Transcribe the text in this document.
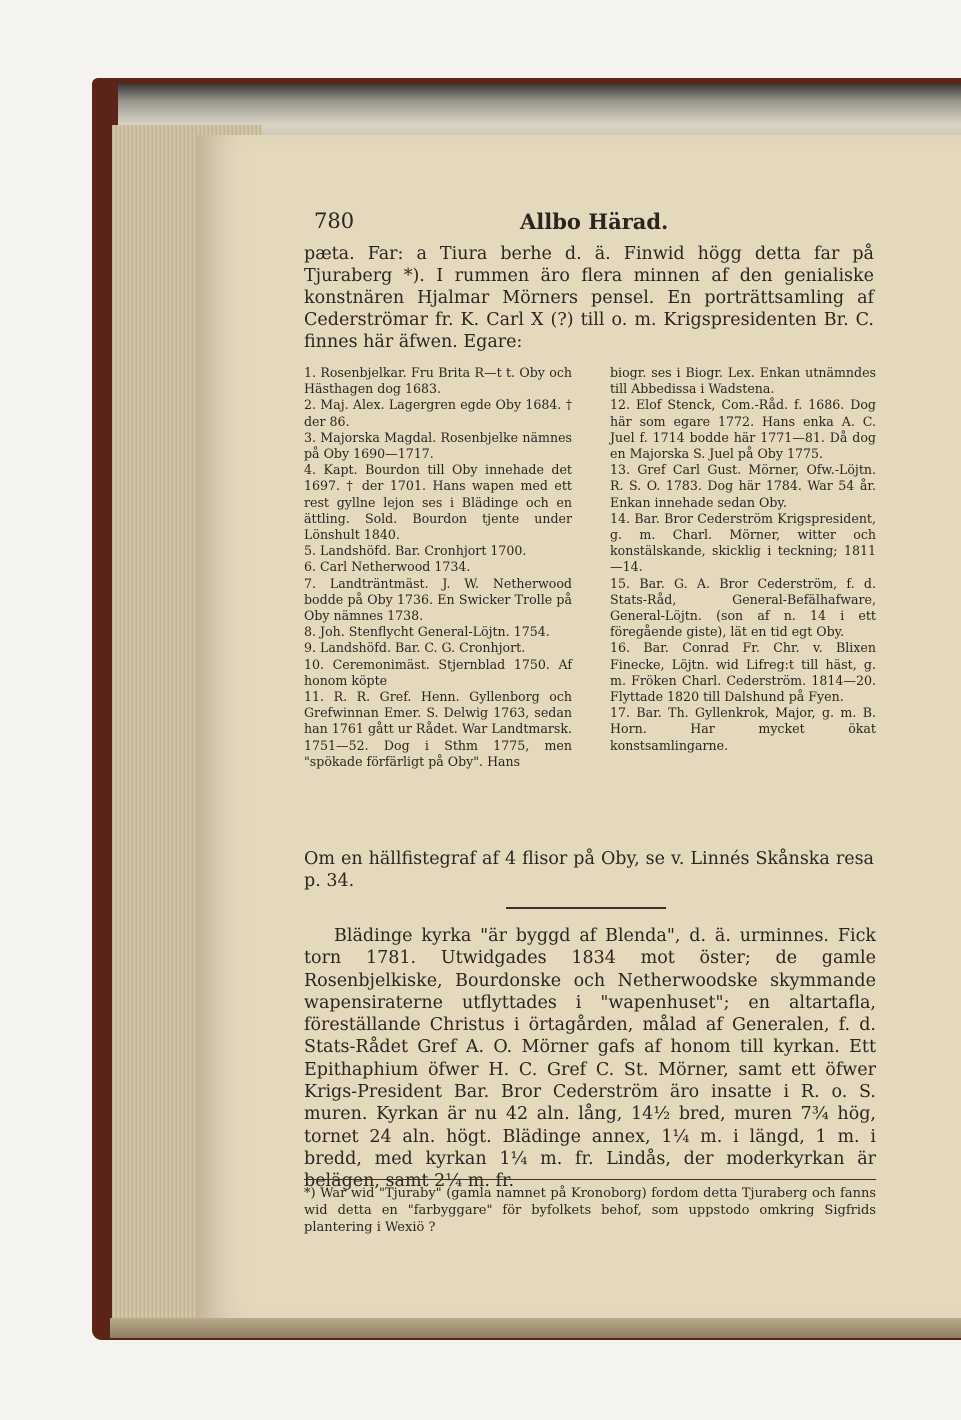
780	Allbo Härad.

pæta. Far: a Tiura berhe d. ä. Finwid högg detta far på Tjuraberg *). I rummen äro flera minnen af den genialiske konstnären Hjalmar Mörners pensel. En porträttsamling af Cederströmar fr. K. Carl X (?) till o. m. Krigspresidenten Br. C. finnes här äfwen. Egare:

1. Rosenbjelkar. Fru Brita R—t t. Oby och Hästhagen dog 1683.

2. Maj. Alex. Lagergren egde Oby 1684. † der 86.

3. Majorska Magdal. Rosenbjelke nämnes på Oby 1690—1717.

4. Kapt. Bourdon till Oby innehade det 1697. † der 1701. Hans wapen med ett rest gyllne lejon ses i Blädinge och en ättling. Sold. Bourdon tjente under Lönshult 1840.

5. Landshöfd. Bar. Cronhjort 1700.

6. Carl Netherwood 1734.

7. Landträntmäst. J. W. Netherwood bodde på Oby 1736. En Swicker Trolle på Oby nämnes 1738.

8. Joh. Stenflycht General-Löjtn. 1754.

9. Landshöfd. Bar. C. G. Cronhjort.

10. Ceremonimäst. Stjernblad 1750. Af honom köpte

11. R. R. Gref. Henn. Gyllenborg och Grefwinnan Emer. S. Delwig 1763, sedan han 1761 gått ur Rådet. War Landtmarsk. 1751—52. Dog i Sthm 1775, men "spökade förfärligt på Oby". Hans

biogr. ses i Biogr. Lex. Enkan utnämndes till Abbedissa i Wadstena.

12. Elof Stenck, Com.-Råd. f. 1686. Dog här som egare 1772. Hans enka A. C. Juel f. 1714 bodde här 1771—81. Då dog en Majorska S. Juel på Oby 1775.

13. Gref Carl Gust. Mörner, Ofw.-Löjtn. R. S. O. 1783. Dog här 1784. War 54 år. Enkan innehade sedan Oby.

14. Bar. Bror Cederström Krigspresident, g. m. Charl. Mörner, witter och konstälskande, skicklig i teckning; 1811—14.

15. Bar. G. A. Bror Cederström, f. d. Stats-Råd, General-Befälhafware, General-Löjtn. (son af n. 14 i ett föregående giste), lät en tid egt Oby.

16. Bar. Conrad Fr. Chr. v. Blixen Finecke, Löjtn. wid Lifreg:t till häst, g. m. Fröken Charl. Cederström. 1814—20. Flyttade 1820 till Dalshund på Fyen.

17. Bar. Th. Gyllenkrok, Major, g. m. B. Horn. Har mycket ökat konstsamlingarne.

Om en hällfistegraf af 4 flisor på Oby, se v. Linnés Skånska resa p. 34.

Blädinge kyrka "är byggd af Blenda", d. ä. urminnes. Fick torn 1781. Utwidgades 1834 mot öster; de gamle Rosenbjelkiske, Bourdonske och Netherwoodske skymmande wapensiraterne utflyttades i "wapenhuset"; en altartafla, föreställande Christus i örtagården, målad af Generalen, f. d. Stats-Rådet Gref A. O. Mörner gafs af honom till kyrkan. Ett Epithaphium öfwer H. C. Gref C. St. Mörner, samt ett öfwer Krigs-President Bar. Bror Cederström äro insatte i R. o. S. muren. Kyrkan är nu 42 aln. lång, 14½ bred, muren 7¾ hög, tornet 24 aln. högt. Blädinge annex, 1¼ m. i längd, 1 m. i bredd, med kyrkan 1¼ m. fr. Lindås, der moderkyrkan är belägen, samt 2¼ m. fr.

*) War wid "Tjuraby" (gamla namnet på Kronoborg) fordom detta Tjuraberg och fanns wid detta en "farbyggare" för byfolkets behof, som uppstodo omkring Sigfrids plantering i Wexiö ?
